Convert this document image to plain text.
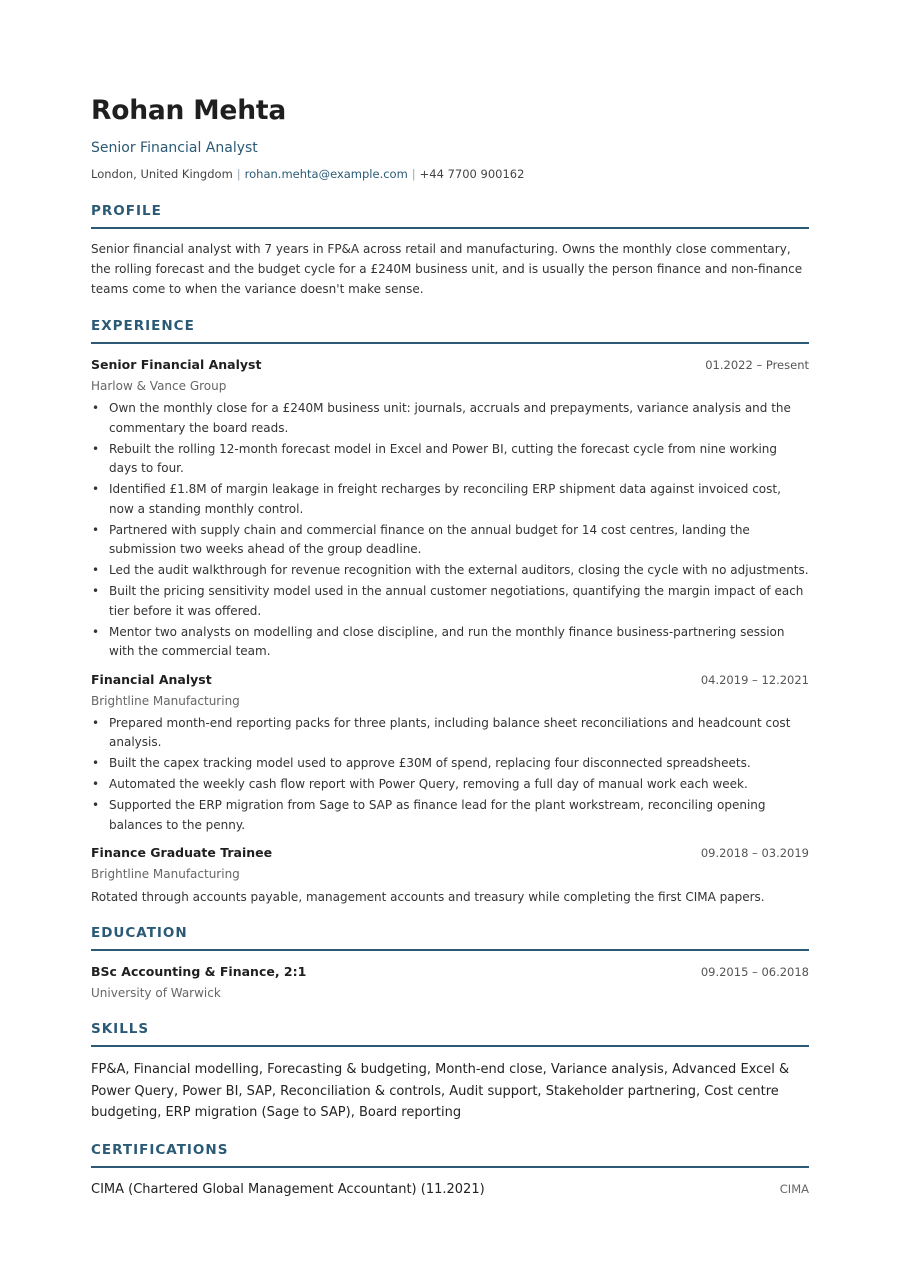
Rohan Mehta
Senior Financial Analyst
London, United Kingdom | rohan.mehta@example.com | +44 7700 900162
PROFILE
Senior financial analyst with 7 years in FP&A across retail and manufacturing. Owns the monthly close commentary, the rolling forecast and the budget cycle for a £240M business unit, and is usually the person finance and non-finance teams come to when the variance doesn't make sense.
EXPERIENCE
Senior Financial Analyst	01.2022 – Present
Harlow & Vance Group
• Own the monthly close for a £240M business unit: journals, accruals and prepayments, variance analysis and the commentary the board reads.
• Rebuilt the rolling 12-month forecast model in Excel and Power BI, cutting the forecast cycle from nine working days to four.
• Identified £1.8M of margin leakage in freight recharges by reconciling ERP shipment data against invoiced cost, now a standing monthly control.
• Partnered with supply chain and commercial finance on the annual budget for 14 cost centres, landing the submission two weeks ahead of the group deadline.
• Led the audit walkthrough for revenue recognition with the external auditors, closing the cycle with no adjustments.
• Built the pricing sensitivity model used in the annual customer negotiations, quantifying the margin impact of each tier before it was offered.
• Mentor two analysts on modelling and close discipline, and run the monthly finance business-partnering session with the commercial team.
Financial Analyst	04.2019 – 12.2021
Brightline Manufacturing
• Prepared month-end reporting packs for three plants, including balance sheet reconciliations and headcount cost analysis.
• Built the capex tracking model used to approve £30M of spend, replacing four disconnected spreadsheets.
• Automated the weekly cash flow report with Power Query, removing a full day of manual work each week.
• Supported the ERP migration from Sage to SAP as finance lead for the plant workstream, reconciling opening balances to the penny.
Finance Graduate Trainee	09.2018 – 03.2019
Brightline Manufacturing
Rotated through accounts payable, management accounts and treasury while completing the first CIMA papers.
EDUCATION
BSc Accounting & Finance, 2:1	09.2015 – 06.2018
University of Warwick
SKILLS
FP&A, Financial modelling, Forecasting & budgeting, Month-end close, Variance analysis, Advanced Excel & Power Query, Power BI, SAP, Reconciliation & controls, Audit support, Stakeholder partnering, Cost centre budgeting, ERP migration (Sage to SAP), Board reporting
CERTIFICATIONS
CIMA (Chartered Global Management Accountant) (11.2021)	CIMA
